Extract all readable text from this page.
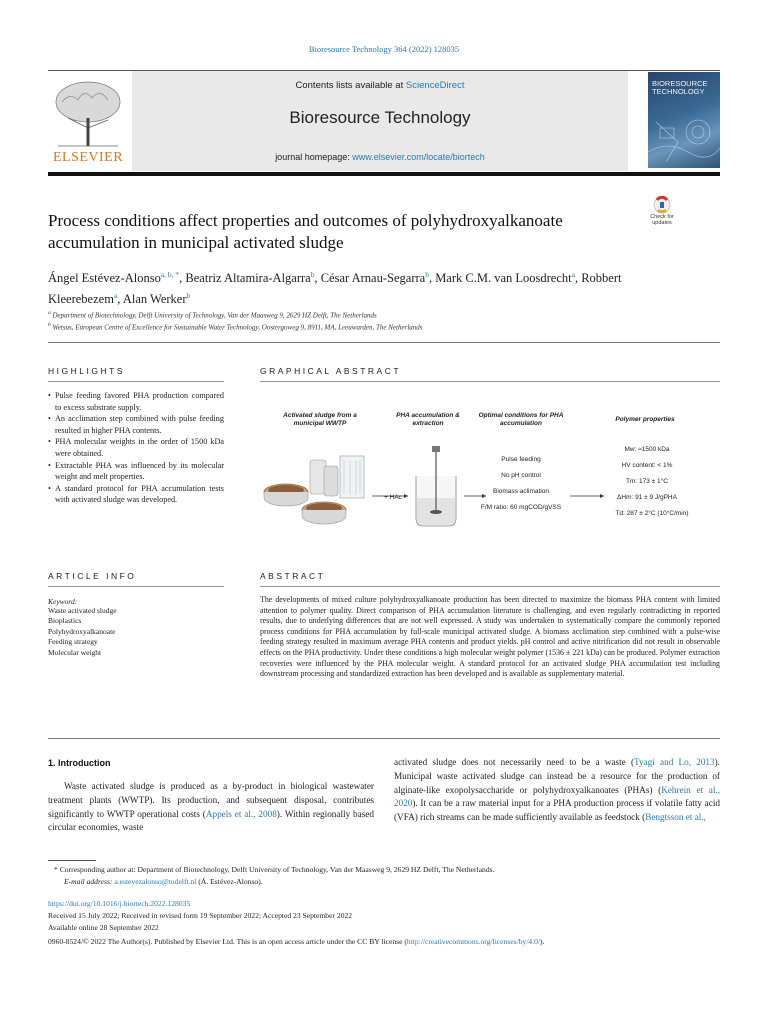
Bioresource Technology 364 (2022) 128035
ELSEVIER
Contents lists available at ScienceDirect
Bioresource Technology
journal homepage: www.elsevier.com/locate/biortech
BIORESOURCE TECHNOLOGY
Check for updates
Process conditions affect properties and outcomes of polyhydroxyalkanoate
accumulation in municipal activated sludge
Ángel Estévez-Alonso$^{a, b, *}$, Beatriz Altamira-Algarra$^b$, César Arnau-Segarra$^b$, Mark C.M. van Loosdrecht$^a$, Robbert Kleerebezem$^a$, Alan Werker$^b$
$^a$ Department of Biotechnology, Delft University of Technology, Van der Maasweg 9, 2629 HZ Delft, The Netherlands
$^b$ Wetsus, European Centre of Excellence for Sustainable Water Technology, Oostergoweg 9, 8911, MA, Leeuwarden, The Netherlands
HIGHLIGHTS
• Pulse feeding favored PHA production compared to excess substrate supply.
• An acclimation step combined with pulse feeding resulted in higher PHA contents.
• PHA molecular weights in the order of 1500 kDa were obtained.
• Extractable PHA was influenced by its molecular weight and melt properties.
• A standard protocol for PHA accumulation tests with activated sludge was developed.
GRAPHICAL ABSTRACT
Activated sludge from a municipal WWTP
PHA accumulation & extraction
Optimal conditions for PHA accumulation
Polymer properties
+ HAc
Pulse feeding
No pH control
Biomass aclimation
F/M ratio: 60 mgCOD/gVSS
Mw: ≈1500 kDa
HV content: < 1%
Tm: 173 ± 1°C
ΔHm: 91 ± 9 J/gPHA
Td: 287 ± 2°C (10°C/min)
ARTICLE INFO
Keyword:
Waste activated sludge
Bioplastics
Polyhydroxyalkanoate
Feeding strategy
Molecular weight
ABSTRACT
The developments of mixed culture polyhydroxyalkanoate production has been directed to maximize the biomass PHA content with limited attention to polymer quality. Direct comparison of PHA accumulation literature is challenging, and even regularly contradicting in reported results, due to underlying differences that are not well expressed. A study was undertaken to systematically compare the commonly reported process conditions for PHA accumulation by full-scale municipal activated sludge. A biomass acclimation step combined with a pulse-wise feeding strategy resulted in maximum average PHA contents and product yields. pH control and active nitrification did not result in observable effects on the PHA productivity. Under these conditions a high molecular weight polymer (1536 ± 221 kDa) can be produced. Polymer extraction recoveries were influenced by the PHA molecular weight. A standard protocol for an activated sludge PHA accumulation test including downstream processing and standardized extraction has been developed and is available as supplementary material.
1. Introduction
Waste activated sludge is produced as a by-product in biological wastewater treatment plants (WWTP). Its production, and subsequent disposal, contributes significantly to WWTP operational costs (Appels et al., 2008). Within regionally based circular economies, waste
activated sludge does not necessarily need to be a waste (Tyagi and Lo, 2013). Municipal waste activated sludge can instead be a resource for the production of alginate-like exopolysaccharide or polyhydroxyalkanoates (PHAs) (Kehrein et al., 2020). It can be a raw material input for a PHA production process if volatile fatty acid (VFA) rich streams can be made sufficiently available as feedstock (Bengtsson et al.,
* Corresponding author at: Department of Biotechnology, Delft University of Technology, Van der Maasweg 9, 2629 HZ Delft, The Netherlands.
E-mail address: a.estevezalonso@tudelft.nl (Á. Estévez-Alonso).
https://doi.org/10.1016/j.biortech.2022.128035
Received 15 July 2022; Received in revised form 19 September 2022; Accepted 23 September 2022
Available online 28 September 2022
0960-8524/© 2022 The Author(s). Published by Elsevier Ltd. This is an open access article under the CC BY license (http://creativecommons.org/licenses/by/4.0/).
